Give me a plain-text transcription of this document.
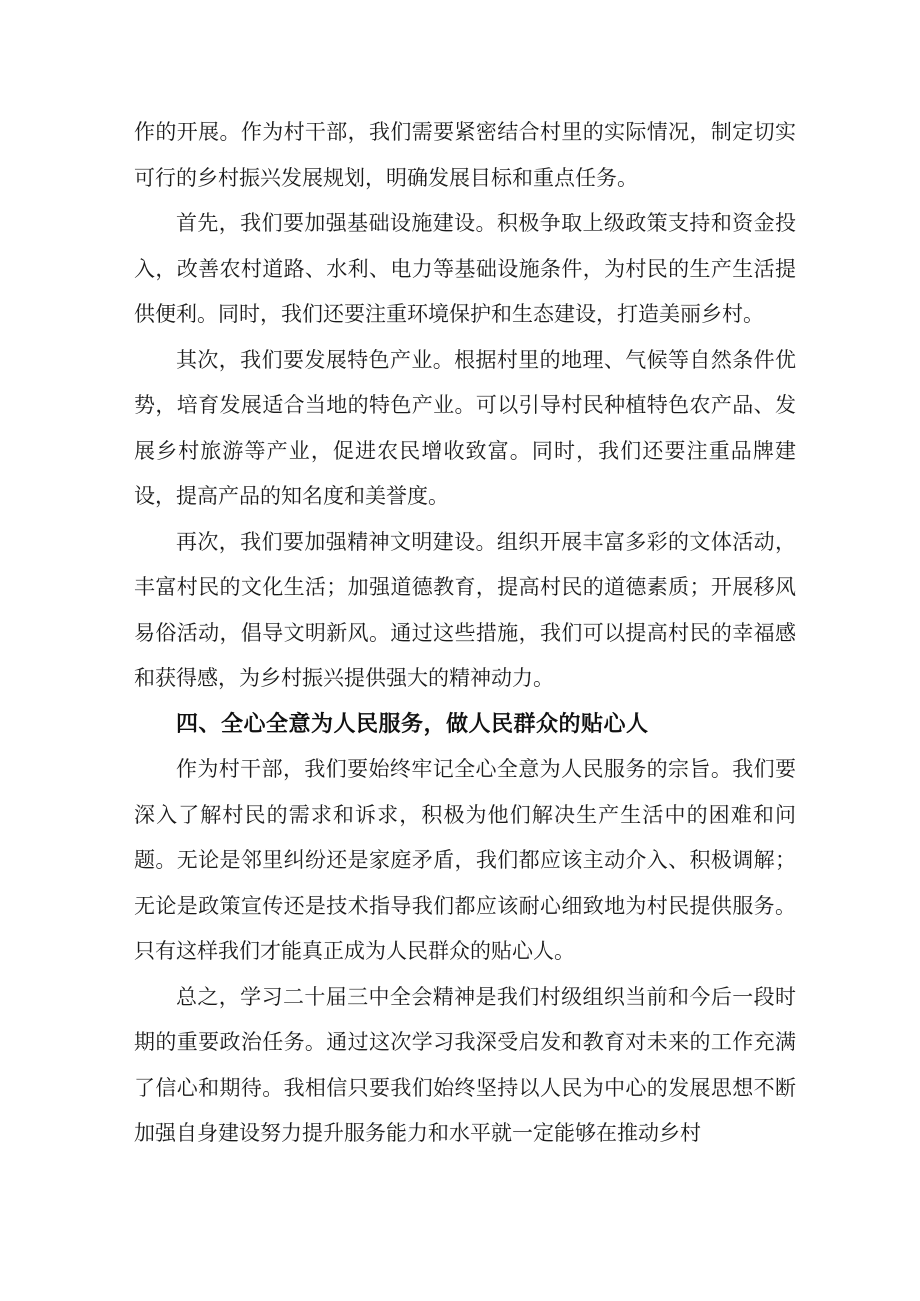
作的开展。作为村干部，我们需要紧密结合村里的实际情况，制定切实可行的乡村振兴发展规划，明确发展目标和重点任务。

首先，我们要加强基础设施建设。积极争取上级政策支持和资金投入，改善农村道路、水利、电力等基础设施条件，为村民的生产生活提供便利。同时，我们还要注重环境保护和生态建设，打造美丽乡村。

其次，我们要发展特色产业。根据村里的地理、气候等自然条件优势，培育发展适合当地的特色产业。可以引导村民种植特色农产品、发展乡村旅游等产业，促进农民增收致富。同时，我们还要注重品牌建设，提高产品的知名度和美誉度。

再次，我们要加强精神文明建设。组织开展丰富多彩的文体活动，丰富村民的文化生活；加强道德教育，提高村民的道德素质；开展移风易俗活动，倡导文明新风。通过这些措施，我们可以提高村民的幸福感和获得感，为乡村振兴提供强大的精神动力。

四、全心全意为人民服务，做人民群众的贴心人

作为村干部，我们要始终牢记全心全意为人民服务的宗旨。我们要深入了解村民的需求和诉求，积极为他们解决生产生活中的困难和问题。无论是邻里纠纷还是家庭矛盾，我们都应该主动介入、积极调解；无论是政策宣传还是技术指导我们都应该耐心细致地为村民提供服务。只有这样我们才能真正成为人民群众的贴心人。

总之，学习二十届三中全会精神是我们村级组织当前和今后一段时期的重要政治任务。通过这次学习我深受启发和教育对未来的工作充满了信心和期待。我相信只要我们始终坚持以人民为中心的发展思想不断加强自身建设努力提升服务能力和水平就一定能够在推动乡村
